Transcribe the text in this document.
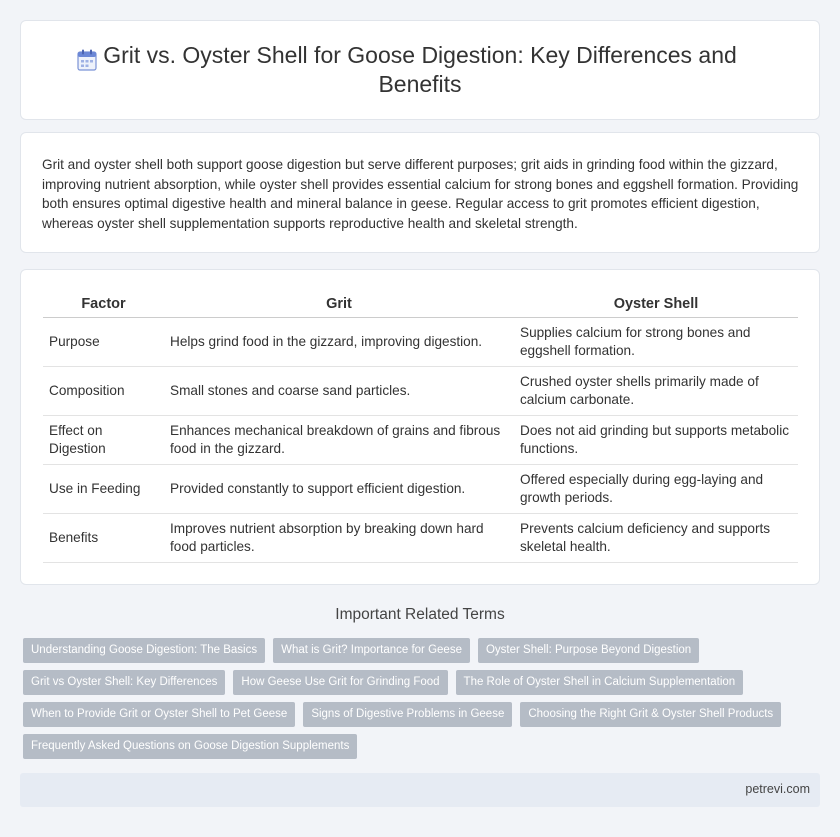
Grit vs. Oyster Shell for Goose Digestion: Key Differences and Benefits

Grit and oyster shell both support goose digestion but serve different purposes; grit aids in grinding food within the gizzard, improving nutrient absorption, while oyster shell provides essential calcium for strong bones and eggshell formation. Providing both ensures optimal digestive health and mineral balance in geese. Regular access to grit promotes efficient digestion, whereas oyster shell supplementation supports reproductive health and skeletal strength.

Factor	Grit	Oyster Shell
Purpose	Helps grind food in the gizzard, improving digestion.	Supplies calcium for strong bones and eggshell formation.
Composition	Small stones and coarse sand particles.	Crushed oyster shells primarily made of calcium carbonate.
Effect on Digestion	Enhances mechanical breakdown of grains and fibrous food in the gizzard.	Does not aid grinding but supports metabolic functions.
Use in Feeding	Provided constantly to support efficient digestion.	Offered especially during egg-laying and growth periods.
Benefits	Improves nutrient absorption by breaking down hard food particles.	Prevents calcium deficiency and supports skeletal health.
Important Related Terms
Understanding Goose Digestion: The Basics	What is Grit? Importance for Geese	Oyster Shell: Purpose Beyond Digestion
Grit vs Oyster Shell: Key Differences	How Geese Use Grit for Grinding Food	The Role of Oyster Shell in Calcium Supplementation
When to Provide Grit or Oyster Shell to Pet Geese	Signs of Digestive Problems in Geese	Choosing the Right Grit & Oyster Shell Products
Frequently Asked Questions on Goose Digestion Supplements
petrevi.com
